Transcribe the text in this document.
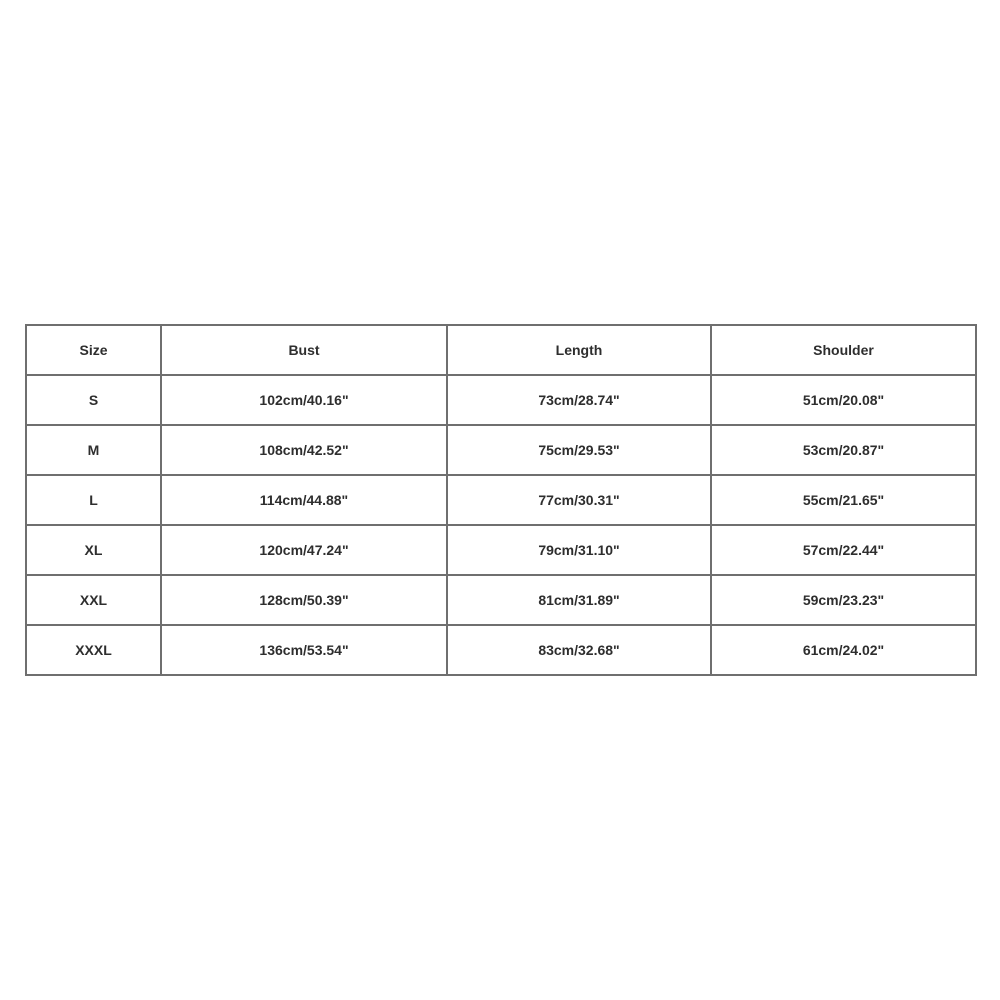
Size	Bust	Length	Shoulder
S	102cm/40.16"	73cm/28.74"	51cm/20.08"
M	108cm/42.52"	75cm/29.53"	53cm/20.87"
L	114cm/44.88"	77cm/30.31"	55cm/21.65"
XL	120cm/47.24"	79cm/31.10"	57cm/22.44"
XXL	128cm/50.39"	81cm/31.89"	59cm/23.23"
XXXL	136cm/53.54"	83cm/32.68"	61cm/24.02"
